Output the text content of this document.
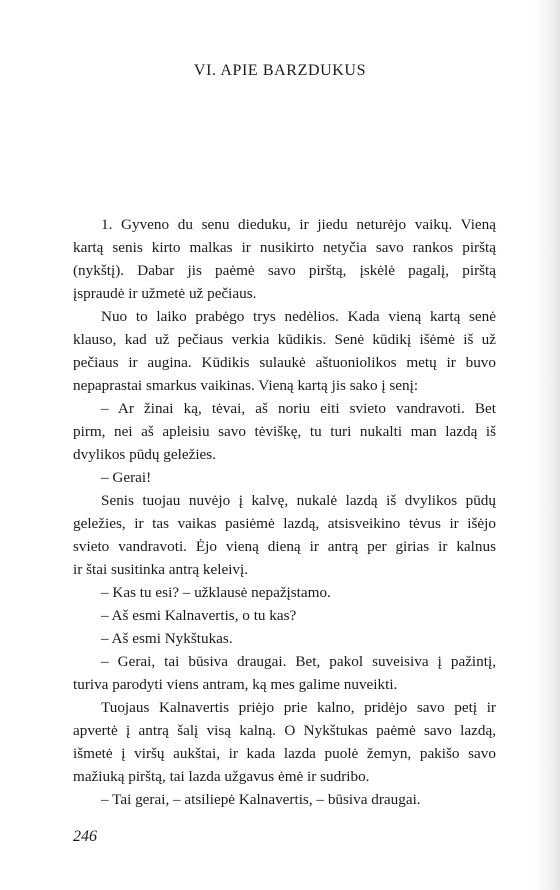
VI. APIE BARZDUKUS
1. Gyveno du senu dieduku, ir jiedu neturėjo vaikų. Vieną
kartą senis kirto malkas ir nusikirto netyčia savo rankos pirštą
(nykštį). Dabar jis paėmė savo pirštą, įskėlė pagalį, pirštą
įspraudė ir užmetė už pečiaus.
Nuo to laiko prabėgo trys nedėlios. Kada vieną kartą senė
klauso, kad už pečiaus verkia kūdikis. Senė kūdikį išėmė iš už
pečiaus ir augina. Kūdikis sulaukė aštuoniolikos metų ir buvo
nepaprastai smarkus vaikinas. Vieną kartą jis sako į senį:
– Ar žinai ką, tėvai, aš noriu eiti svieto vandravoti. Bet
pirm, nei aš apleisiu savo tėviškę, tu turi nukalti man lazdą iš
dvylikos pūdų geležies.
– Gerai!
Senis tuojau nuvėjo į kalvę, nukalė lazdą iš dvylikos pūdų
geležies, ir tas vaikas pasiėmė lazdą, atsisveikino tėvus ir išėjo
svieto vandravoti. Ėjo vieną dieną ir antrą per girias ir kalnus
ir štai susitinka antrą keleivį.
– Kas tu esi? – užklausė nepažįstamo.
– Aš esmi Kalnavertis, o tu kas?
– Aš esmi Nykštukas.
– Gerai, tai būsiva draugai. Bet, pakol suveisiva į pažintį,
turiva parodyti viens antram, ką mes galime nuveikti.
Tuojaus Kalnavertis priėjo prie kalno, pridėjo savo petį ir
apvertė į antrą šalį visą kalną. O Nykštukas paėmė savo lazdą,
išmetė į viršų aukštai, ir kada lazda puolė žemyn, pakišo savo
mažiuką pirštą, tai lazda užgavus ėmė ir sudribo.
– Tai gerai, – atsiliepė Kalnavertis, – būsiva draugai.
246
